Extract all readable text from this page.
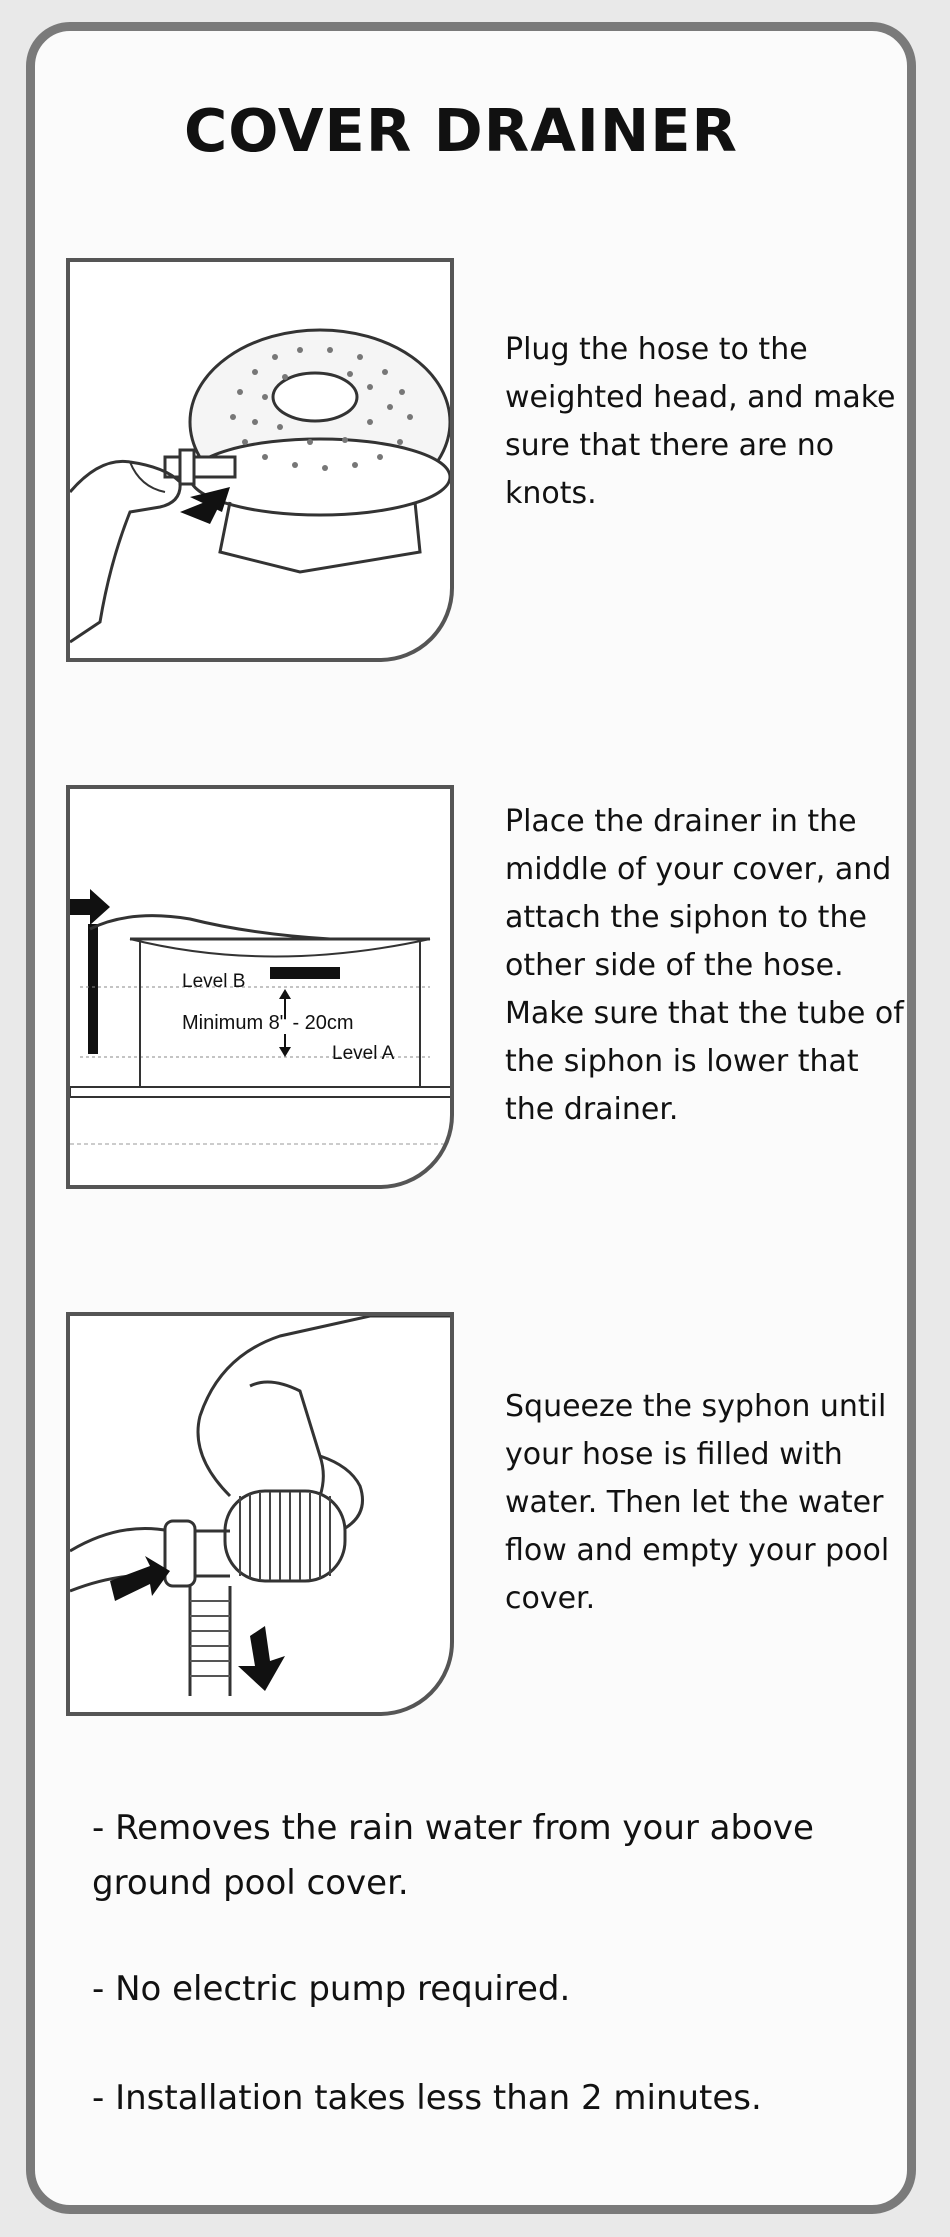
COVER DRAINER

Plug the hose to the weighted head, and make sure that there are no knots.

Level B
Minimum 8" - 20cm
Level A

Place the drainer in the middle of your cover, and attach the siphon to the other side of the hose. Make sure that the tube of the siphon is lower that the drainer.

Squeeze the syphon until your hose is filled with water. Then let the water flow and empty your pool cover.

- Removes the rain water from your above ground pool cover.

- No electric pump required.

- Installation takes less than 2 minutes.
